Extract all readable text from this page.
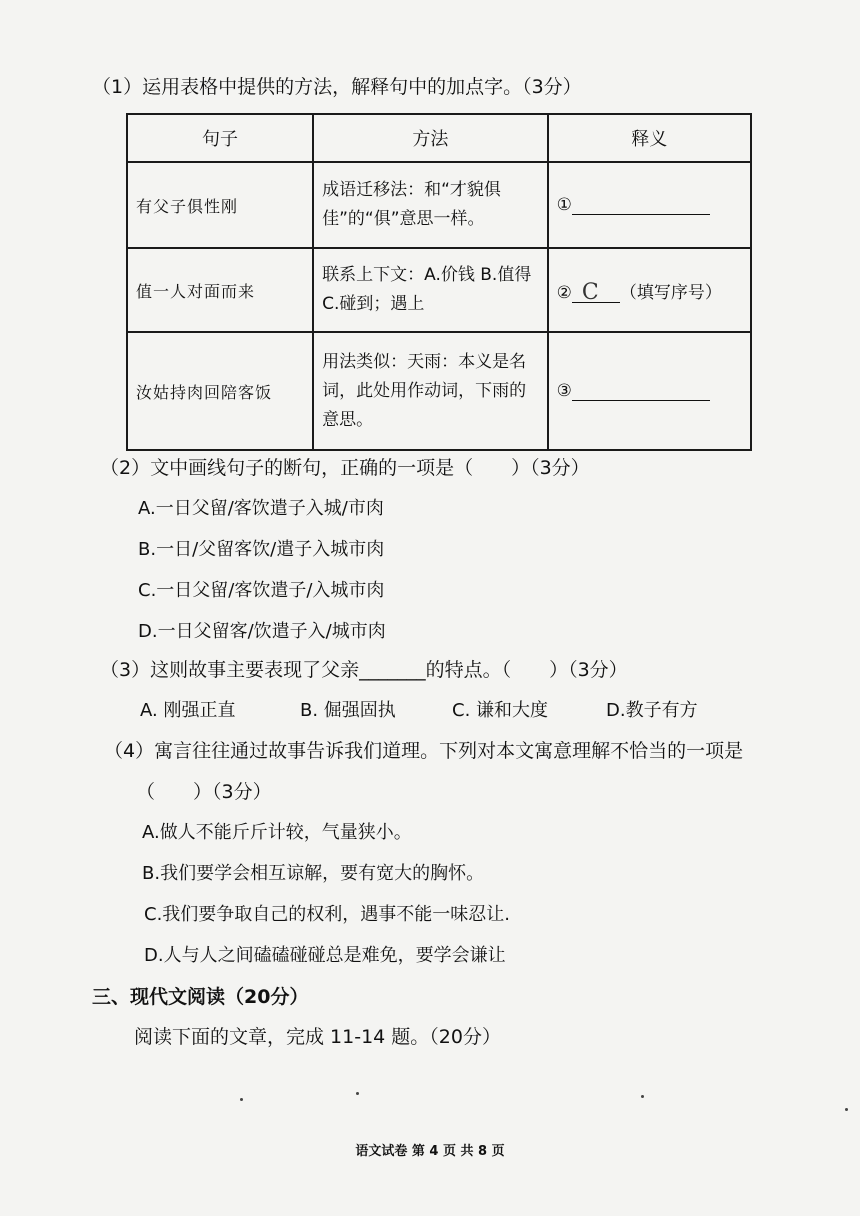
（1）运用表格中提供的方法，解释句中的加点字。（3分）
句子	方法	释义
有父子俱性刚	成语迁移法：和“才貌俱佳”的“俱”意思一样。	①
值一人对面而来	联系上下文：A.价钱 B.值得 C.碰到；遇上	② C （填写序号）
汝姑持肉回陪客饭	用法类似：天雨：本义是名词，此处用作动词，下雨的意思。	③
（2）文中画线句子的断句，正确的一项是（　　）（3分）
A.一日父留/客饮遣子入城/市肉
B.一日/父留客饮/遣子入城市肉
C.一日父留/客饮遣子/入城市肉
D.一日父留客/饮遣子入/城市肉
（3）这则故事主要表现了父亲_______的特点。（　　）（3分）
A. 刚强正直	B. 倔强固执	C. 谦和大度	D.教子有方
（4）寓言往往通过故事告诉我们道理。下列对本文寓意理解不恰当的一项是
（　　）（3分）
A.做人不能斤斤计较，气量狭小。
B.我们要学会相互谅解，要有宽大的胸怀。
C.我们要争取自己的权利，遇事不能一味忍让.
D.人与人之间磕磕碰碰总是难免，要学会谦让
三、现代文阅读（20分）
阅读下面的文章，完成 11-14 题。（20分）
语文试卷 第 4 页 共 8 页
